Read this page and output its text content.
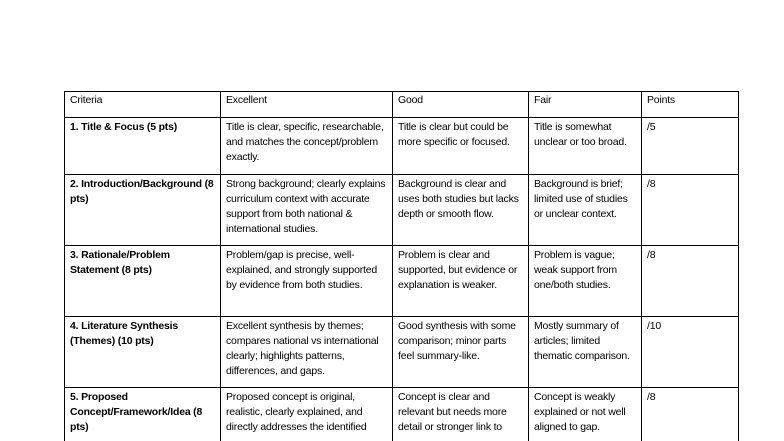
Criteria	Excellent	Good	Fair	Points
1. Title & Focus (5 pts)	Title is clear, specific, researchable, and matches the concept/problem exactly.	Title is clear but could be more specific or focused.	Title is somewhat unclear or too broad.	/5
2. Introduction/Background (8 pts)	Strong background; clearly explains curriculum context with accurate support from both national & international studies.	Background is clear and uses both studies but lacks depth or smooth flow.	Background is brief; limited use of studies or unclear context.	/8
3. Rationale/Problem Statement (8 pts)	Problem/gap is precise, well-explained, and strongly supported by evidence from both studies.	Problem is clear and supported, but evidence or explanation is weaker.	Problem is vague; weak support from one/both studies.	/8
4. Literature Synthesis (Themes) (10 pts)	Excellent synthesis by themes; compares national vs international clearly; highlights patterns, differences, and gaps.	Good synthesis with some comparison; minor parts feel summary-like.	Mostly summary of articles; limited thematic comparison.	/10
5. Proposed Concept/Framework/Idea (8 pts)	Proposed concept is original, realistic, clearly explained, and directly addresses the identified	Concept is clear and relevant but needs more detail or stronger link to	Concept is weakly explained or not well aligned to gap.	/8
